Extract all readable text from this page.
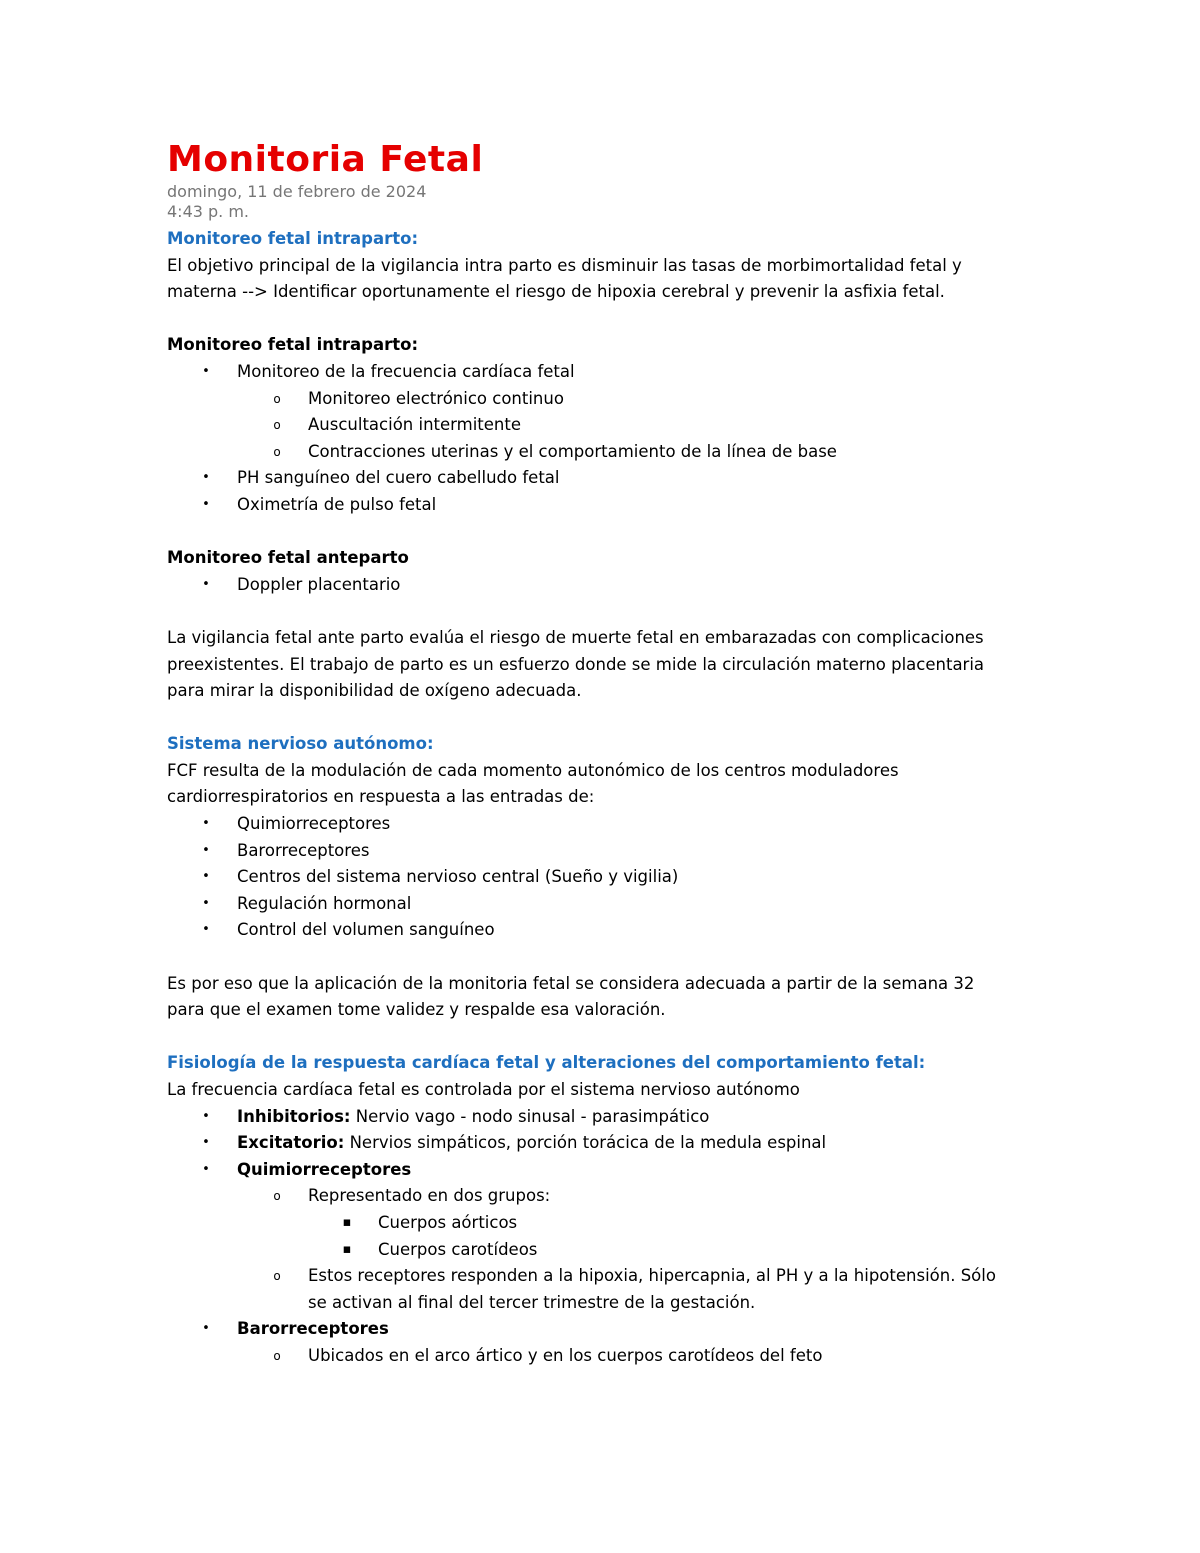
Monitoria Fetal
domingo, 11 de febrero de 2024
4:43 p. m.

Monitoreo fetal intraparto:

El objetivo principal de la vigilancia intra parto es disminuir las tasas de morbimortalidad fetal y

materna --> Identificar oportunamente el riesgo de hipoxia cerebral y prevenir la asfixia fetal.

Monitoreo fetal intraparto:

• Monitoreo de la frecuencia cardíaca fetal
o Monitoreo electrónico continuo
o Auscultación intermitente
o Contracciones uterinas y el comportamiento de la línea de base
• PH sanguíneo del cuero cabelludo fetal
• Oximetría de pulso fetal

Monitoreo fetal anteparto

• Doppler placentario

La vigilancia fetal ante parto evalúa el riesgo de muerte fetal en embarazadas con complicaciones

preexistentes. El trabajo de parto es un esfuerzo donde se mide la circulación materno placentaria

para mirar la disponibilidad de oxígeno adecuada.

Sistema nervioso autónomo:

FCF resulta de la modulación de cada momento autonómico de los centros moduladores

cardiorrespiratorios en respuesta a las entradas de:

• Quimiorreceptores
• Barorreceptores
• Centros del sistema nervioso central (Sueño y vigilia)
• Regulación hormonal
• Control del volumen sanguíneo

Es por eso que la aplicación de la monitoria fetal se considera adecuada a partir de la semana 32

para que el examen tome validez y respalde esa valoración.

Fisiología de la respuesta cardíaca fetal y alteraciones del comportamiento fetal:

La frecuencia cardíaca fetal es controlada por el sistema nervioso autónomo

• Inhibitorios: Nervio vago - nodo sinusal - parasimpático
• Excitatorio: Nervios simpáticos, porción torácica de la medula espinal
• Quimiorreceptores
o Representado en dos grupos:
▪ Cuerpos aórticos
▪ Cuerpos carotídeos
o Estos receptores responden a la hipoxia, hipercapnia, al PH y a la hipotensión. Sólo
se activan al final del tercer trimestre de la gestación.
• Barorreceptores
o Ubicados en el arco ártico y en los cuerpos carotídeos del feto
